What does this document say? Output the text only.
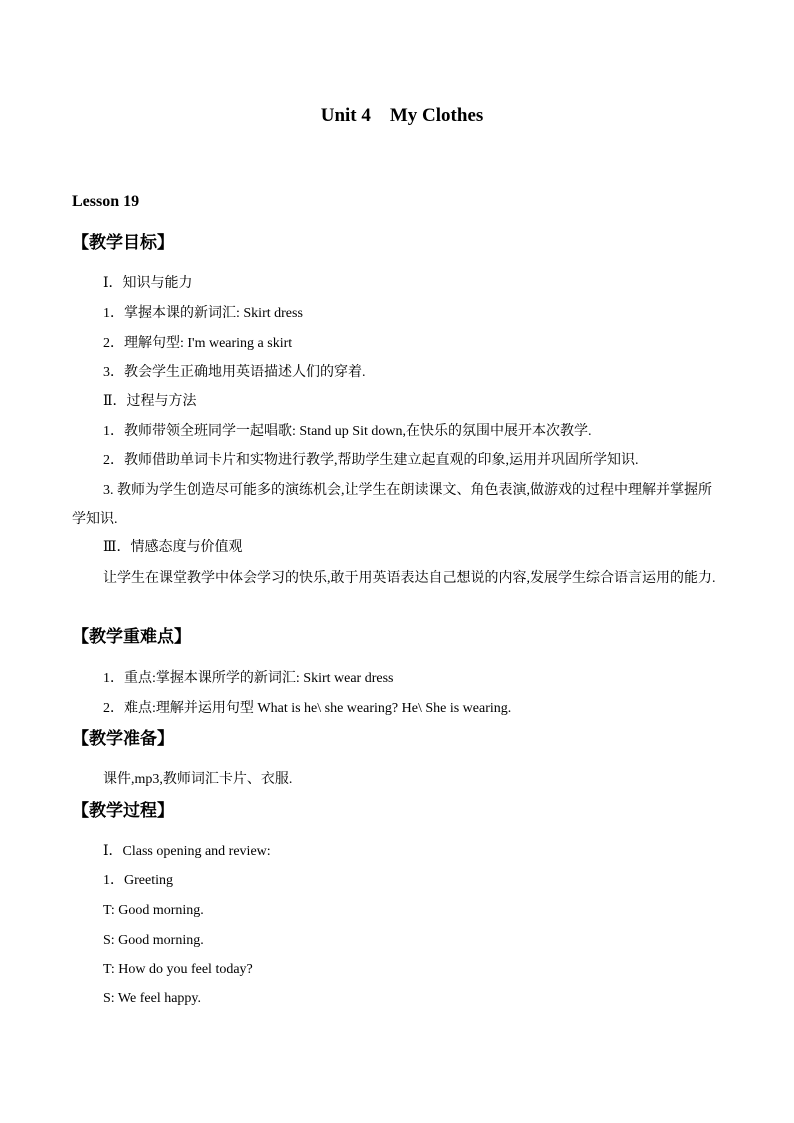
Unit 4    My Clothes
Lesson 19
【教学目标】
Ⅰ．知识与能力
1．掌握本课的新词汇: Skirt dress
2．理解句型: I'm wearing a skirt
3．教会学生正确地用英语描述人们的穿着.
Ⅱ．过程与方法
1．教师带领全班同学一起唱歌: Stand up Sit down,在快乐的氛围中展开本次教学.
2．教师借助单词卡片和实物进行教学,帮助学生建立起直观的印象,运用并巩固所学知识.
3. 教师为学生创造尽可能多的演练机会,让学生在朗读课文、角色表演,做游戏的过程中理解并掌握所学知识.
Ⅲ．情感态度与价值观
让学生在课堂教学中体会学习的快乐,敢于用英语表达自己想说的内容,发展学生综合语言运用的能力.
【教学重难点】
1．重点:掌握本课所学的新词汇: Skirt wear dress
2．难点:理解并运用句型 What is he\ she wearing? He\ She is wearing.
【教学准备】
课件,mp3,教师词汇卡片、衣服.
【教学过程】
Ⅰ．Class opening and review:
1．Greeting
T: Good morning.
S: Good morning.
T: How do you feel today?
S: We feel happy.
